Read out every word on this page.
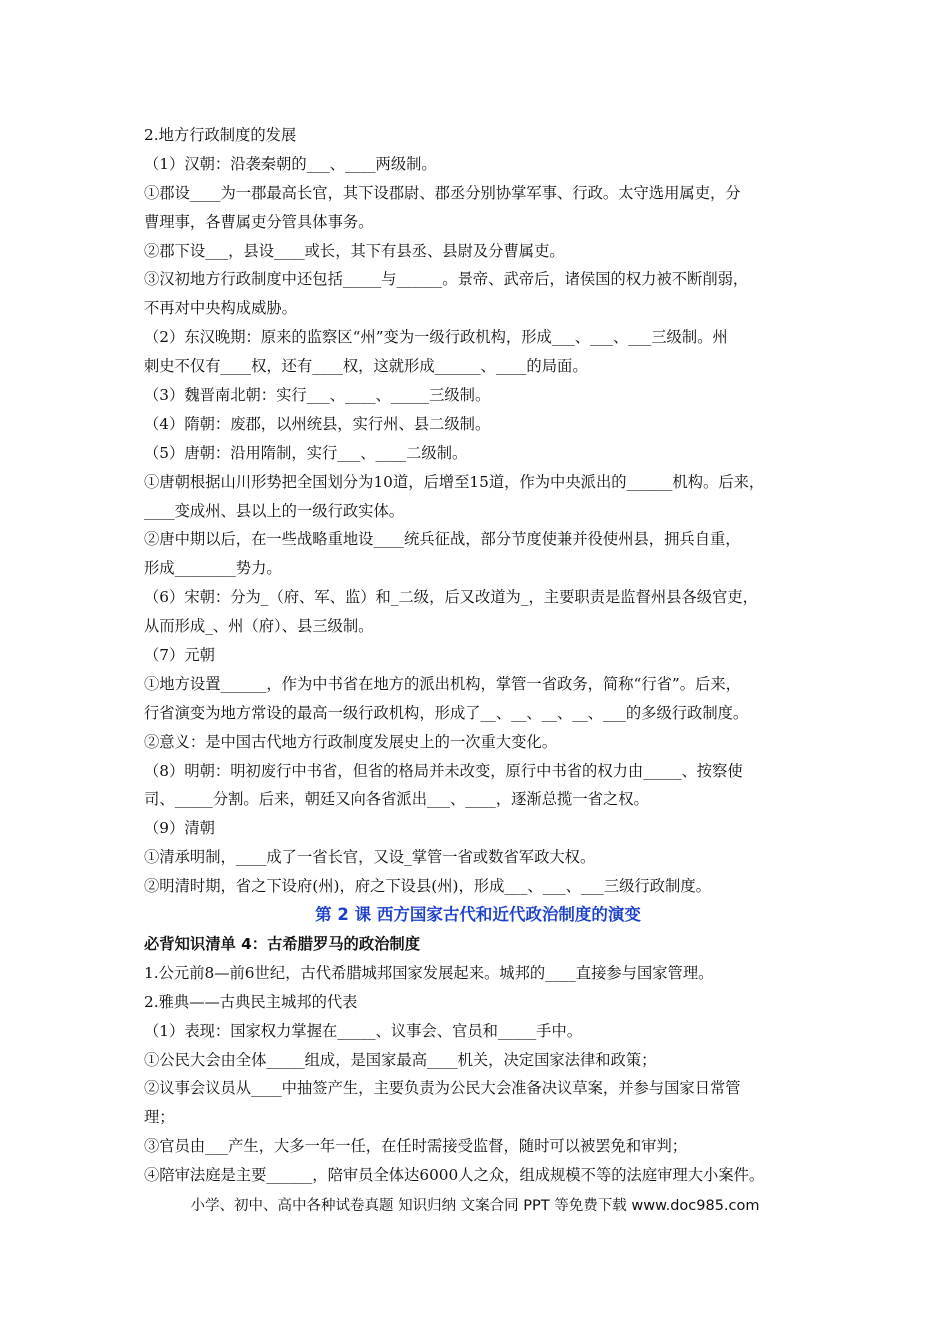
2.地方行政制度的发展
（1）汉朝：沿袭秦朝的___、____两级制。
①郡设____为一郡最高长官，其下设郡尉、郡丞分别协掌军事、行政。太守选用属吏，分
曹理事，各曹属吏分管具体事务。
②郡下设___，县设____或长，其下有县丞、县尉及分曹属吏。
③汉初地方行政制度中还包括_____与______。景帝、武帝后，诸侯国的权力被不断削弱，
不再对中央构成威胁。
（2）东汉晚期：原来的监察区“州”变为一级行政机构，形成___、___、___三级制。州
刺史不仅有____权，还有____权，这就形成______、____的局面。
（3）魏晋南北朝：实行___、____、_____三级制。
（4）隋朝：废郡，以州统县，实行州、县二级制。
（5）唐朝：沿用隋制，实行___、____二级制。
①唐朝根据山川形势把全国划分为10道，后增至15道，作为中央派出的______机构。后来，
____变成州、县以上的一级行政实体。
②唐中期以后，在一些战略重地设____统兵征战，部分节度使兼并役使州县，拥兵自重，
形成________势力。
（6）宋朝：分为_（府、军、监）和_二级，后又改道为_，主要职责是监督州县各级官吏，
从而形成_、州（府）、县三级制。
（7）元朝
①地方设置______，作为中书省在地方的派出机构，掌管一省政务，简称“行省”。后来，
行省演变为地方常设的最高一级行政机构，形成了__、__、__、__、___的多级行政制度。
②意义：是中国古代地方行政制度发展史上的一次重大变化。
（8）明朝：明初废行中书省，但省的格局并未改变，原行中书省的权力由_____、按察使
司、_____分割。后来，朝廷又向各省派出___、____，逐渐总揽一省之权。
（9）清朝
①清承明制，____成了一省长官，又设_掌管一省或数省军政大权。
②明清时期，省之下设府(州)，府之下设县(州)，形成___、___、___三级行政制度。
第 2 课 西方国家古代和近代政治制度的演变
必背知识清单 4：古希腊罗马的政治制度
1.公元前8—前6世纪，古代希腊城邦国家发展起来。城邦的____直接参与国家管理。
2.雅典——古典民主城邦的代表
（1）表现：国家权力掌握在_____、议事会、官员和_____手中。
①公民大会由全体_____组成，是国家最高____机关，决定国家法律和政策；
②议事会议员从____中抽签产生，主要负责为公民大会准备决议草案，并参与国家日常管
理；
③官员由___产生，大多一年一任，在任时需接受监督，随时可以被罢免和审判；
④陪审法庭是主要______，陪审员全体达6000人之众，组成规模不等的法庭审理大小案件。
小学、初中、高中各种试卷真题 知识归纳 文案合同 PPT 等免费下载 www.doc985.com
